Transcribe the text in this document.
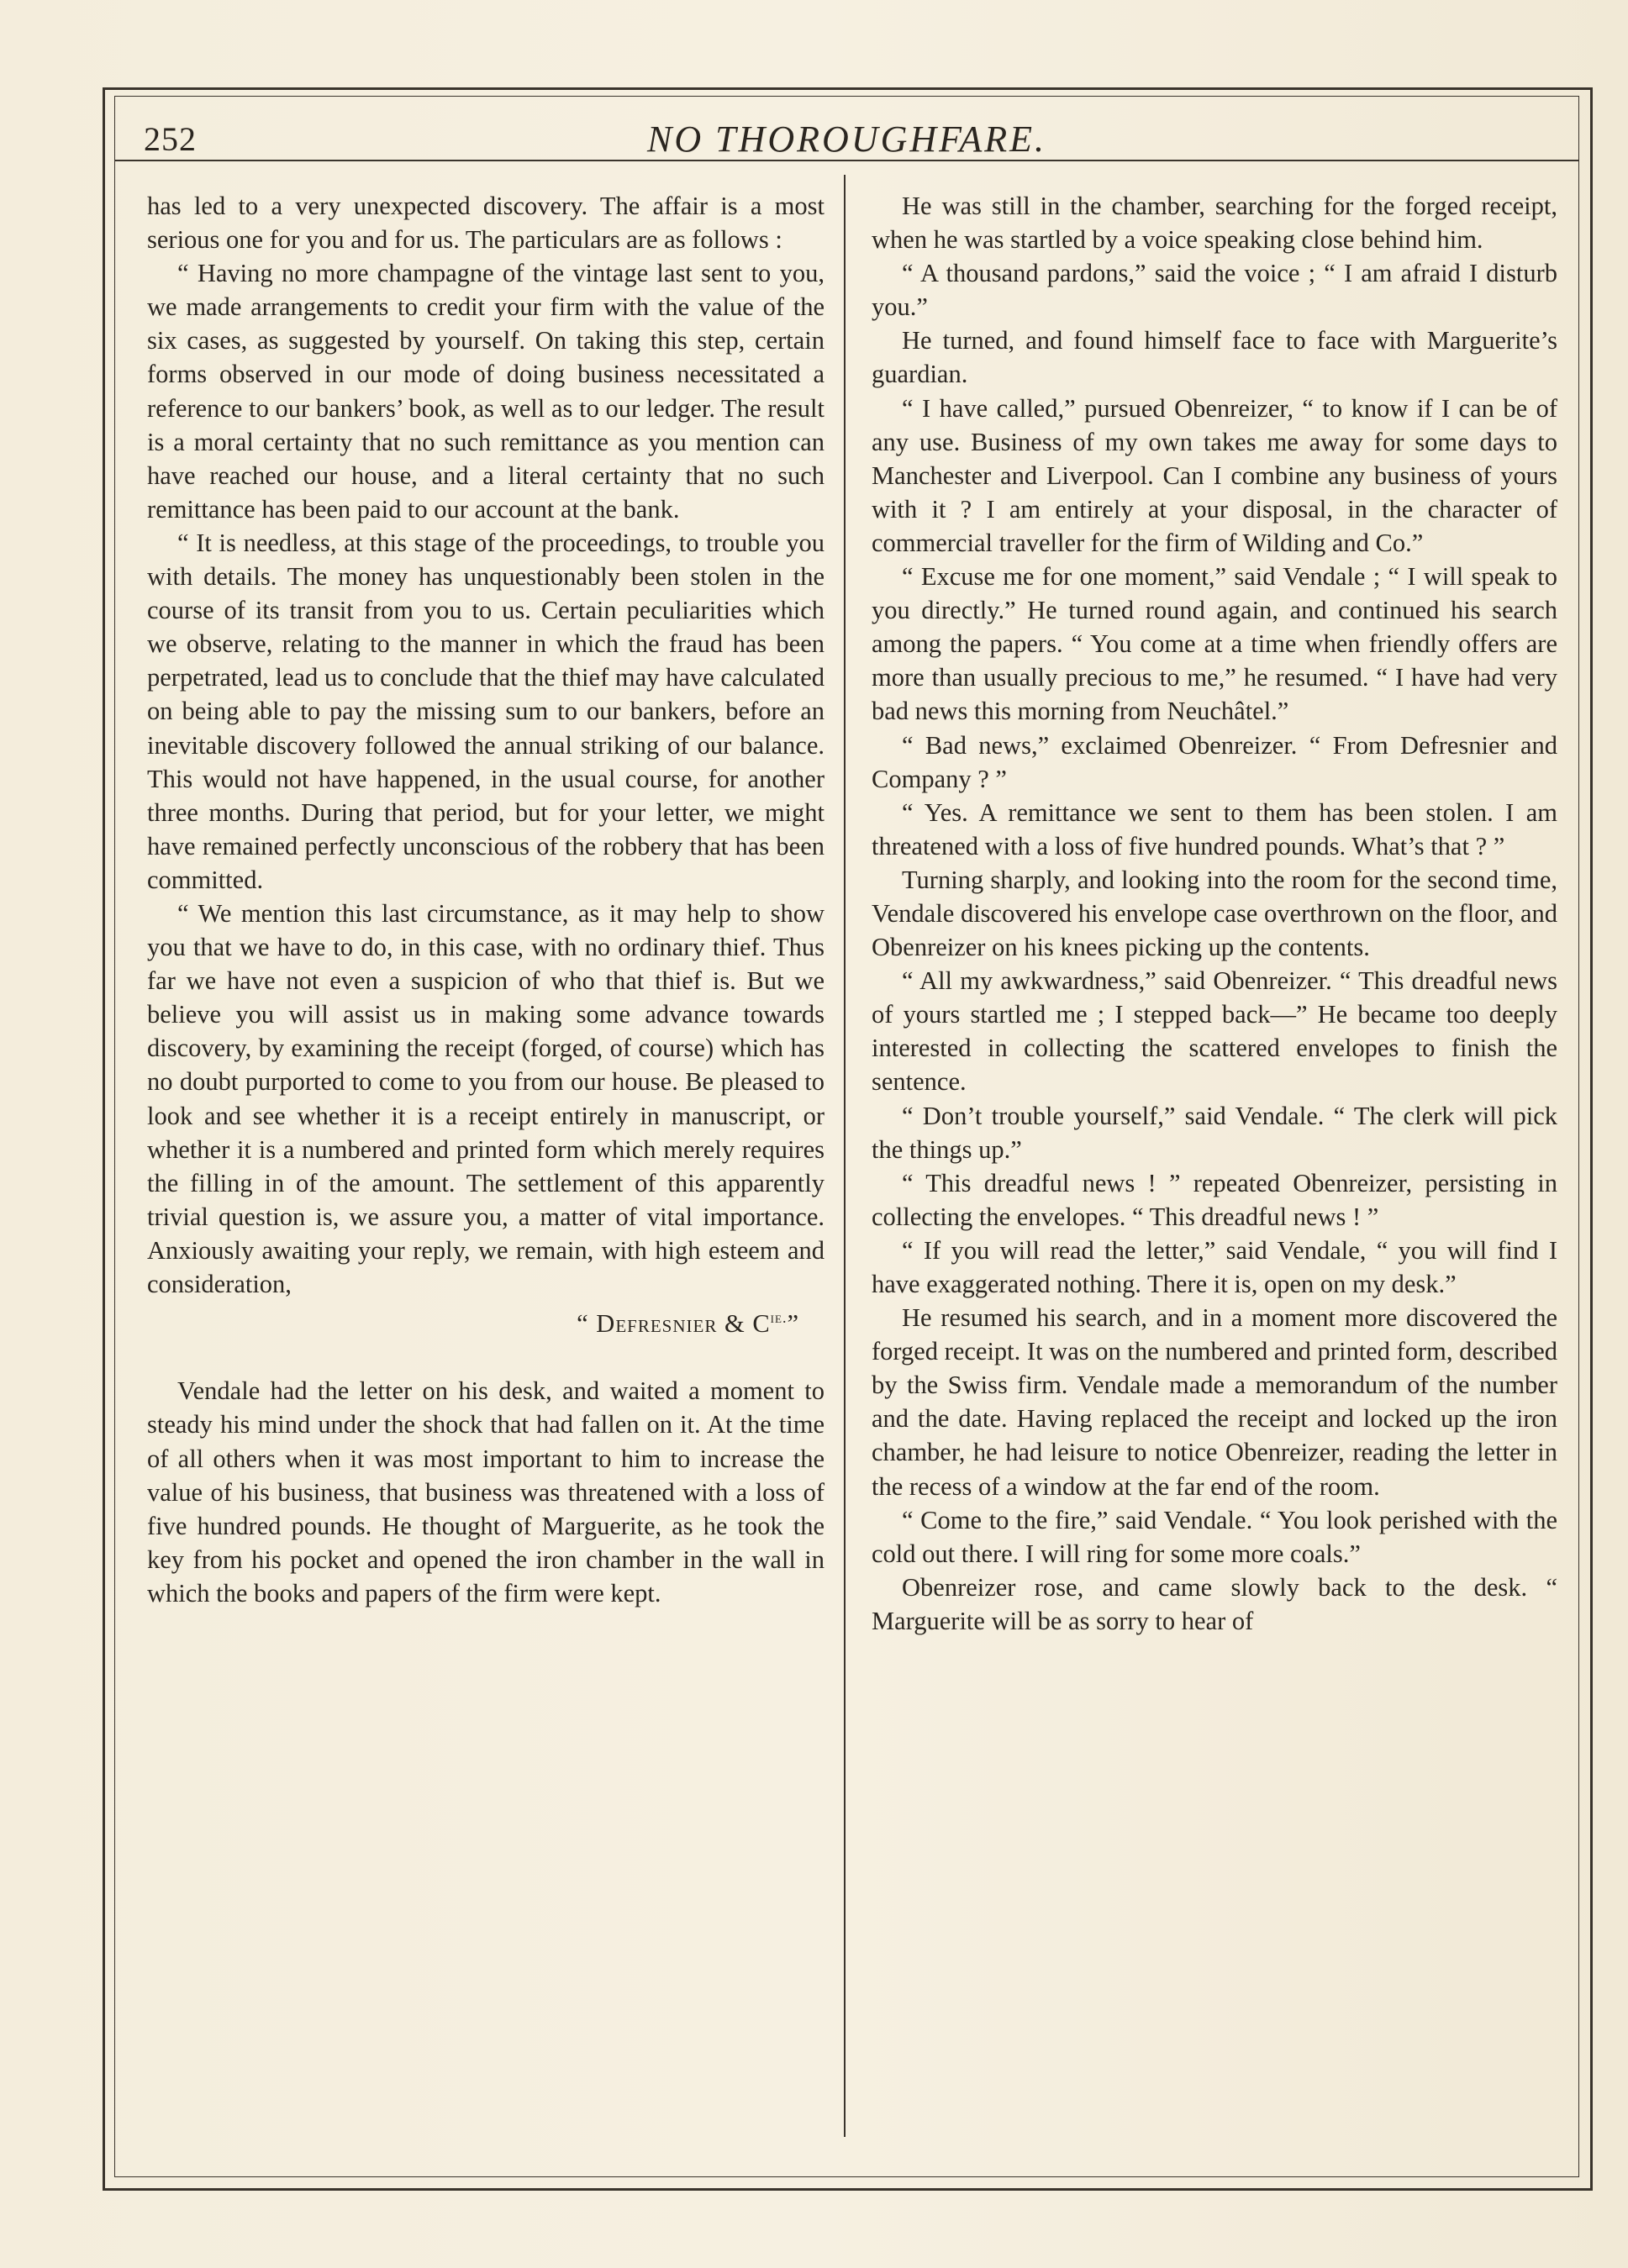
252	NO THOROUGHFARE.

has led to a very unexpected discovery. The affair is a most serious one for you and for us. The particulars are as follows :

“ Having no more champagne of the vintage last sent to you, we made arrangements to credit your firm with the value of the six cases, as suggested by yourself. On taking this step, certain forms observed in our mode of doing business necessitated a reference to our bankers’ book, as well as to our ledger. The result is a moral certainty that no such remittance as you mention can have reached our house, and a literal certainty that no such remittance has been paid to our account at the bank.

“ It is needless, at this stage of the proceedings, to trouble you with details. The money has unquestionably been stolen in the course of its transit from you to us. Certain peculiarities which we observe, relating to the manner in which the fraud has been perpetrated, lead us to conclude that the thief may have calculated on being able to pay the missing sum to our bankers, before an inevitable discovery followed the annual striking of our balance. This would not have happened, in the usual course, for another three months. During that period, but for your letter, we might have remained perfectly unconscious of the robbery that has been committed.

“ We mention this last circumstance, as it may help to show you that we have to do, in this case, with no ordinary thief. Thus far we have not even a suspicion of who that thief is. But we believe you will assist us in making some advance towards discovery, by examining the receipt (forged, of course) which has no doubt purported to come to you from our house. Be pleased to look and see whether it is a receipt entirely in manuscript, or whether it is a numbered and printed form which merely requires the filling in of the amount. The settlement of this apparently trivial question is, we assure you, a matter of vital importance. Anxiously awaiting your reply, we remain, with high esteem and consideration,

“ Defresnier & $C^{ie.}$”

Vendale had the letter on his desk, and waited a moment to steady his mind under the shock that had fallen on it. At the time of all others when it was most important to him to increase the value of his business, that business was threatened with a loss of five hundred pounds. He thought of Marguerite, as he took the key from his pocket and opened the iron chamber in the wall in which the books and papers of the firm were kept.

He was still in the chamber, searching for the forged receipt, when he was startled by a voice speaking close behind him.

“ A thousand pardons,” said the voice ; “ I am afraid I disturb you.”

He turned, and found himself face to face with Marguerite’s guardian.

“ I have called,” pursued Obenreizer, “ to know if I can be of any use. Business of my own takes me away for some days to Manchester and Liverpool. Can I combine any business of yours with it ? I am entirely at your disposal, in the character of commercial traveller for the firm of Wilding and Co.”

“ Excuse me for one moment,” said Vendale ; “ I will speak to you directly.” He turned round again, and continued his search among the papers. “ You come at a time when friendly offers are more than usually precious to me,” he resumed. “ I have had very bad news this morning from Neuchâtel.”

“ Bad news,” exclaimed Obenreizer. “ From Defresnier and Company ? ”

“ Yes. A remittance we sent to them has been stolen. I am threatened with a loss of five hundred pounds. What’s that ? ”

Turning sharply, and looking into the room for the second time, Vendale discovered his envelope case overthrown on the floor, and Obenreizer on his knees picking up the contents.

“ All my awkwardness,” said Obenreizer. “ This dreadful news of yours startled me ; I stepped back—” He became too deeply interested in collecting the scattered envelopes to finish the sentence.

“ Don’t trouble yourself,” said Vendale. “ The clerk will pick the things up.”

“ This dreadful news ! ” repeated Obenreizer, persisting in collecting the envelopes. “ This dreadful news ! ”

“ If you will read the letter,” said Vendale, “ you will find I have exaggerated nothing. There it is, open on my desk.”

He resumed his search, and in a moment more discovered the forged receipt. It was on the numbered and printed form, described by the Swiss firm. Vendale made a memorandum of the number and the date. Having replaced the receipt and locked up the iron chamber, he had leisure to notice Obenreizer, reading the letter in the recess of a window at the far end of the room.

“ Come to the fire,” said Vendale. “ You look perished with the cold out there. I will ring for some more coals.”

Obenreizer rose, and came slowly back to the desk. “ Marguerite will be as sorry to hear of
